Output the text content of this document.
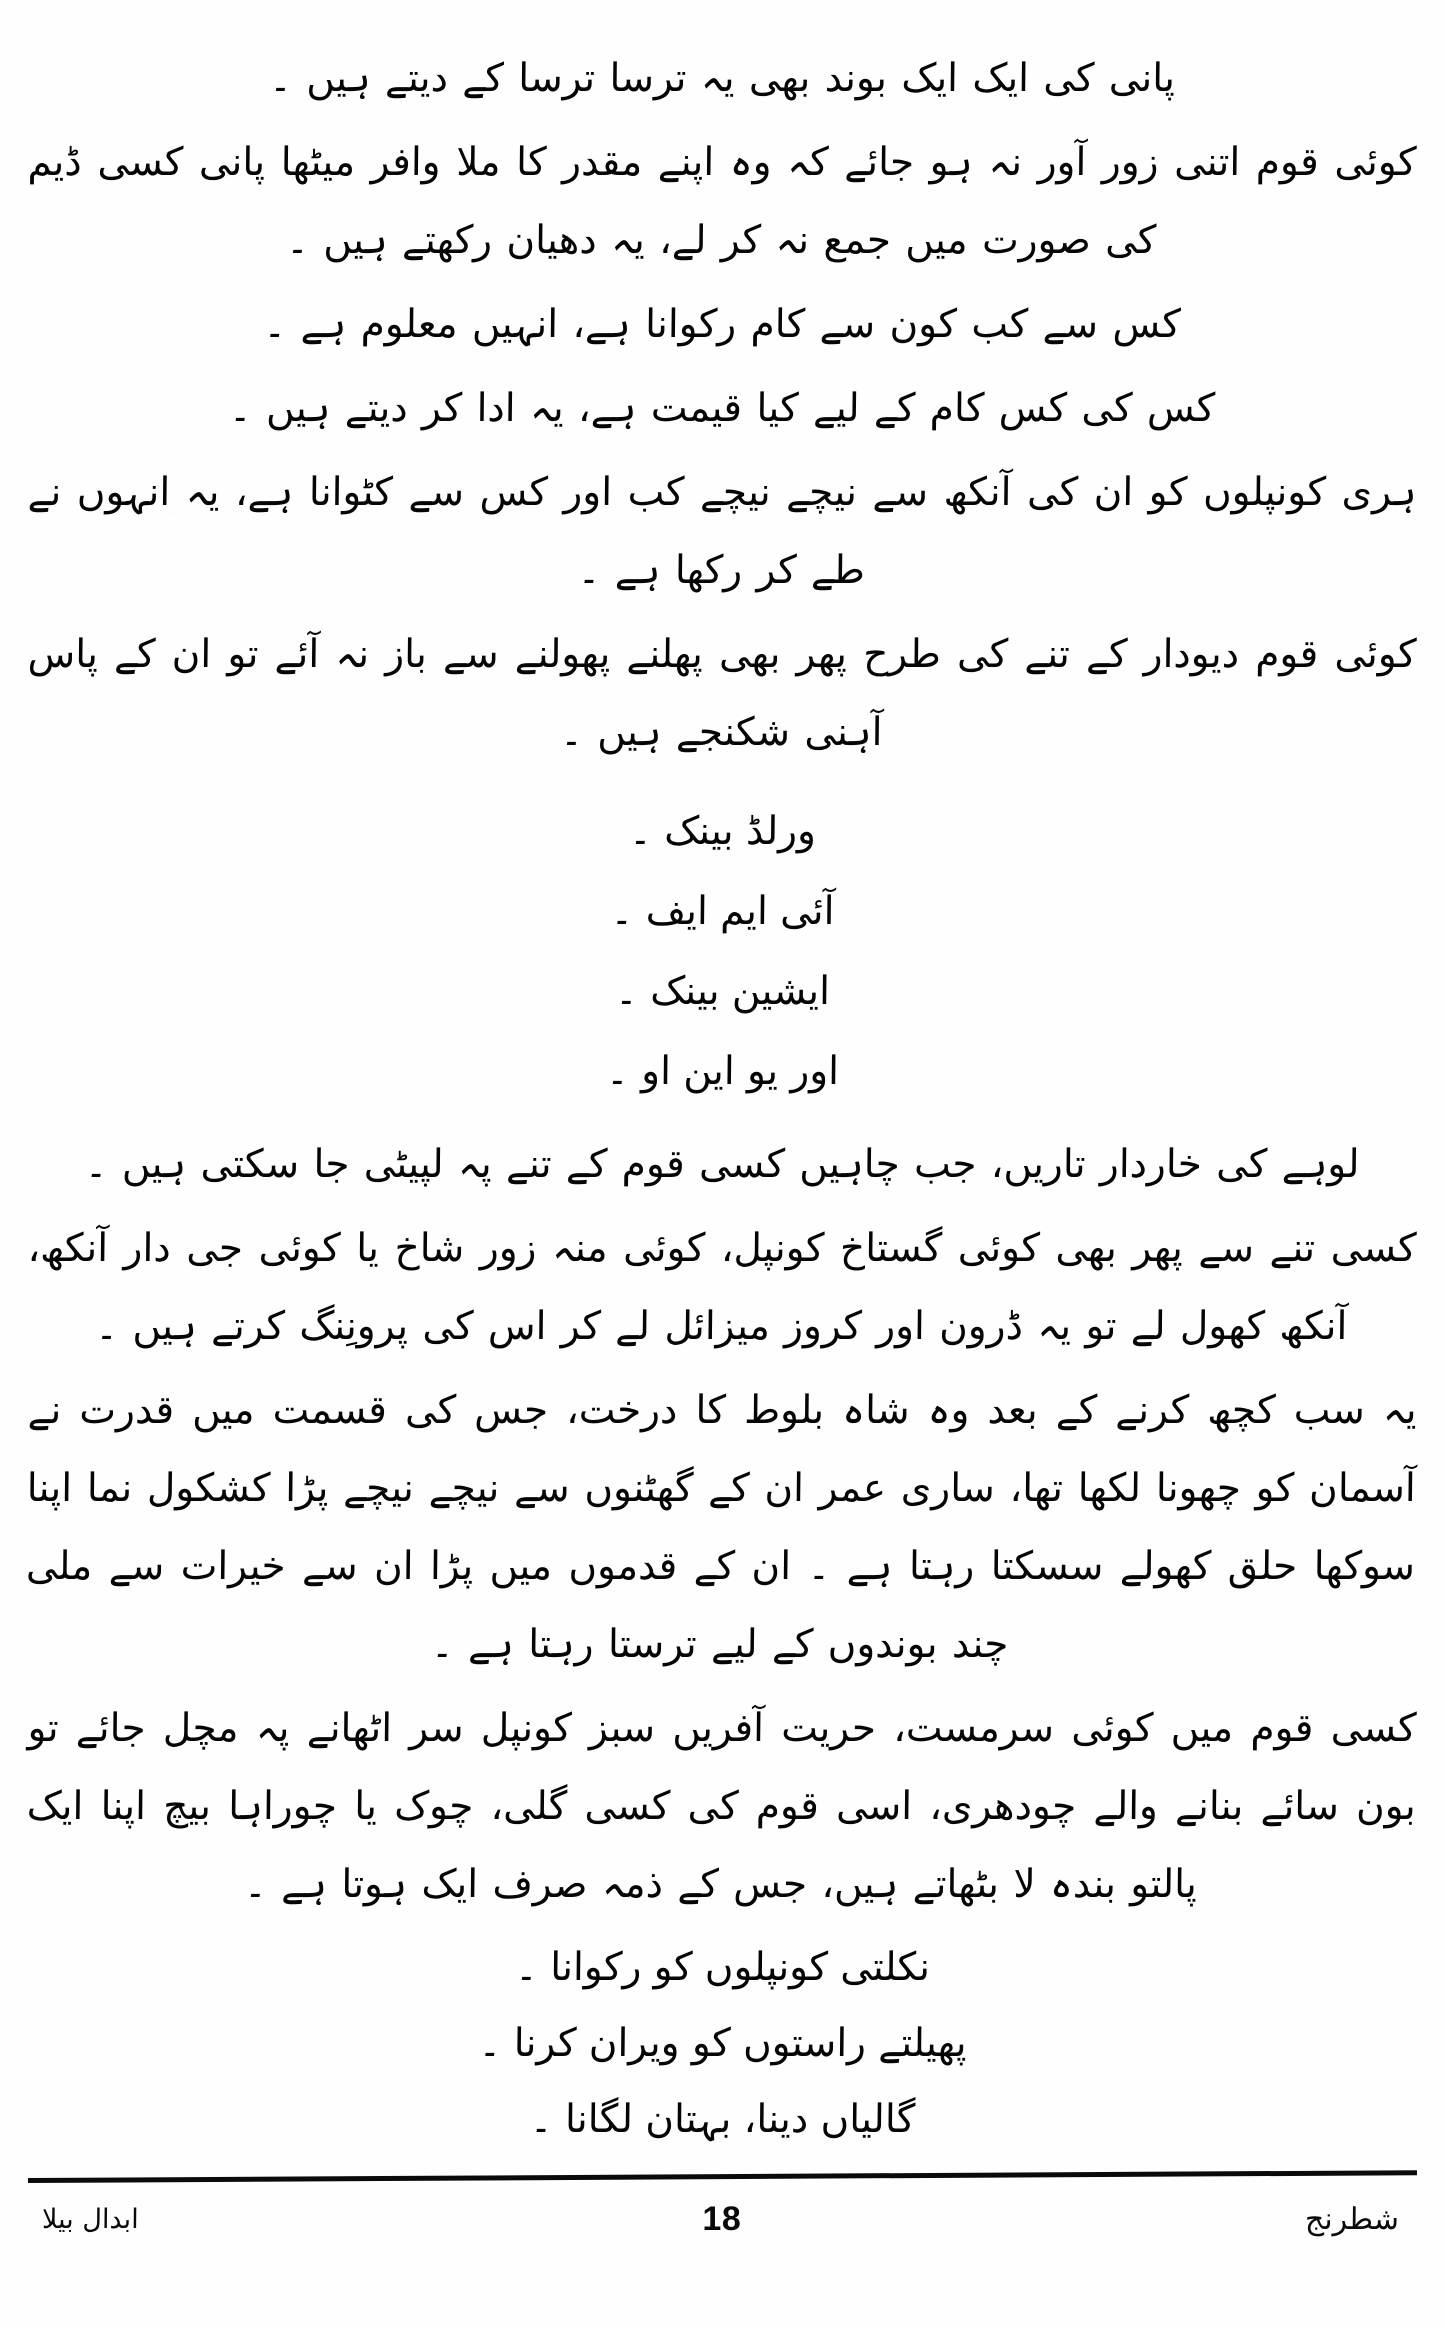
پانی کی ایک ایک بوند بھی یہ ترسا ترسا کے دیتے ہیں ۔

کوئی قوم اتنی زور آور نہ ہو جائے کہ وہ اپنے مقدر کا ملا وافر میٹھا پانی کسی ڈیم کی صورت میں جمع نہ کر لے، یہ دھیان رکھتے ہیں ۔

کس سے کب کون سے کام رکوانا ہے، انہیں معلوم ہے ۔

کس کی کس کام کے لیے کیا قیمت ہے، یہ ادا کر دیتے ہیں ۔

ہری کونپلوں کو ان کی آنکھ سے نیچے نیچے کب اور کس سے کٹوانا ہے، یہ انہوں نے طے کر رکھا ہے ۔

کوئی قوم دیودار کے تنے کی طرح پھر بھی پھلنے پھولنے سے باز نہ آئے تو ان کے پاس آہنی شکنجے ہیں ۔

ورلڈ بینک ۔

آئی ایم ایف ۔

ایشین بینک ۔

اور یو این او ۔

لوہے کی خاردار تاریں، جب چاہیں کسی قوم کے تنے پہ لپیٹی جا سکتی ہیں ۔

کسی تنے سے پھر بھی کوئی گستاخ کونپل، کوئی منہ زور شاخ یا کوئی جی دار آنکھ، آنکھ کھول لے تو یہ ڈرون اور کروز میزائل لے کر اس کی پرونِنگ کرتے ہیں ۔

یہ سب کچھ کرنے کے بعد وہ شاہ بلوط کا درخت، جس کی قسمت میں قدرت نے آسمان کو چھونا لکھا تھا، ساری عمر ان کے گھٹنوں سے نیچے نیچے پڑا کشکول نما اپنا سوکھا حلق کھولے سسکتا رہتا ہے ۔ ان کے قدموں میں پڑا ان سے خیرات سے ملی چند بوندوں کے لیے ترستا رہتا ہے ۔

کسی قوم میں کوئی سرمست، حریت آفریں سبز کونپل سر اٹھانے پہ مچل جائے تو بون سائے بنانے والے چودھری، اسی قوم کی کسی گلی، چوک یا چوراہا بیچ اپنا ایک پالتو بندہ لا بٹھاتے ہیں، جس کے ذمہ صرف ایک ہوتا ہے ۔

نکلتی کونپلوں کو رکوانا ۔

پھیلتے راستوں کو ویران کرنا ۔

گالیاں دینا، بہتان لگانا ۔

ابدال بیلا	18	شطرنج
